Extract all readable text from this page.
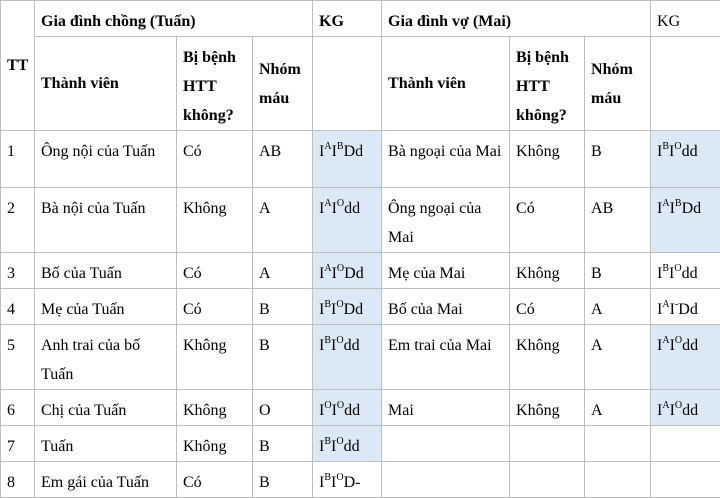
TT	Gia đình chồng (Tuấn)			KG	Gia đình vợ (Mai)			KG
	Thành viên	Bị bệnh HTT không?	Nhóm máu		Thành viên	Bị bệnh HTT không?	Nhóm máu	
1	Ông nội của Tuấn	Có	AB	$I^AI^BDd$	Bà ngoại của Mai	Không	B	$I^BI^Odd$
2	Bà nội của Tuấn	Không	A	$I^AI^Odd$	Ông ngoại của Mai	Có	AB	$I^AI^BDd$
3	Bố của Tuấn	Có	A	$I^AI^ODd$	Mẹ của Mai	Không	B	$I^BI^Odd$
4	Mẹ của Tuấn	Có	B	$I^BI^ODd$	Bố của Mai	Có	A	$I^AI^-Dd$
5	Anh trai của bố Tuấn	Không	B	$I^BI^Odd$	Em trai của Mai	Không	A	$I^AI^Odd$
6	Chị của Tuấn	Không	O	$I^OI^Odd$	Mai	Không	A	$I^AI^Odd$
7	Tuấn	Không	B	$I^BI^Odd$				
8	Em gái của Tuấn	Có	B	$I^BI^OD-$				
